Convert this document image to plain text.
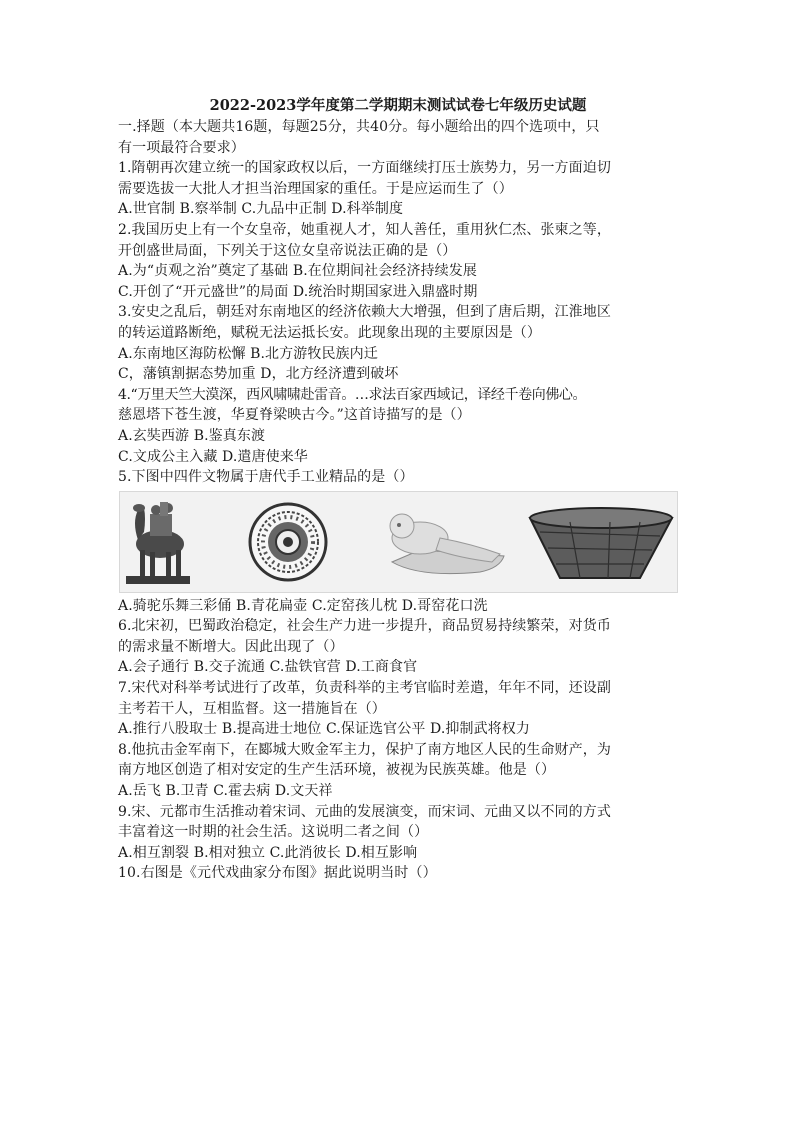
2022-2023学年度第二学期期末测试试卷七年级历史试题
一.择题（本大题共16题，每题25分，共40分。每小题给出的四个选项中，只
有一项最符合要求）
1.隋朝再次建立统一的国家政权以后，一方面继续打压士族势力，另一方面迫切
需要选拔一大批人才担当治理国家的重任。于是应运而生了（）
A.世官制 B.察举制 C.九品中正制 D.科举制度
2.我国历史上有一个女皇帝，她重视人才，知人善任，重用狄仁杰、张柬之等，
开创盛世局面，下列关于这位女皇帝说法正确的是（）
A.为“贞观之治”奠定了基础 B.在位期间社会经济持续发展
C.开创了“开元盛世”的局面 D.统治时期国家进入鼎盛时期
3.安史之乱后，朝廷对东南地区的经济依赖大大增强，但到了唐后期，江淮地区
的转运道路断绝，赋税无法运抵长安。此现象出现的主要原因是（）
A.东南地区海防松懈 B.北方游牧民族内迁
C，藩镇割据态势加重 D，北方经济遭到破坏
4.“万里天竺大漠深，西风啸啸赴雷音。…求法百家西域记，译经千卷向佛心。
慈恩塔下苍生渡，华夏脊梁映古今。”这首诗描写的是（）
A.玄奘西游 B.鉴真东渡
C.文成公主入藏 D.遣唐使来华
5.下图中四件文物属于唐代手工业精品的是（）
A.骑驼乐舞三彩俑 B.青花扁壶 C.定窑孩儿枕 D.哥窑花口洗
6.北宋初，巴蜀政治稳定，社会生产力进一步提升，商品贸易持续繁荣，对货币
的需求量不断增大。因此出现了（）
A.会子通行 B.交子流通 C.盐铁官营 D.工商食官
7.宋代对科举考试进行了改革，负责科举的主考官临时差遣，年年不同，还设副
主考若干人，互相监督。这一措施旨在（）
A.推行八股取士 B.提高进士地位 C.保证选官公平 D.抑制武将权力
8.他抗击金军南下，在郾城大败金军主力，保护了南方地区人民的生命财产，为
南方地区创造了相对安定的生产生活环境，被视为民族英雄。他是（）
A.岳飞 B.卫青 C.霍去病 D.文天祥
9.宋、元都市生活推动着宋词、元曲的发展演变，而宋词、元曲又以不同的方式
丰富着这一时期的社会生活。这说明二者之间（）
A.相互割裂 B.相对独立 C.此消彼长 D.相互影响
10.右图是《元代戏曲家分布图》据此说明当时（）
